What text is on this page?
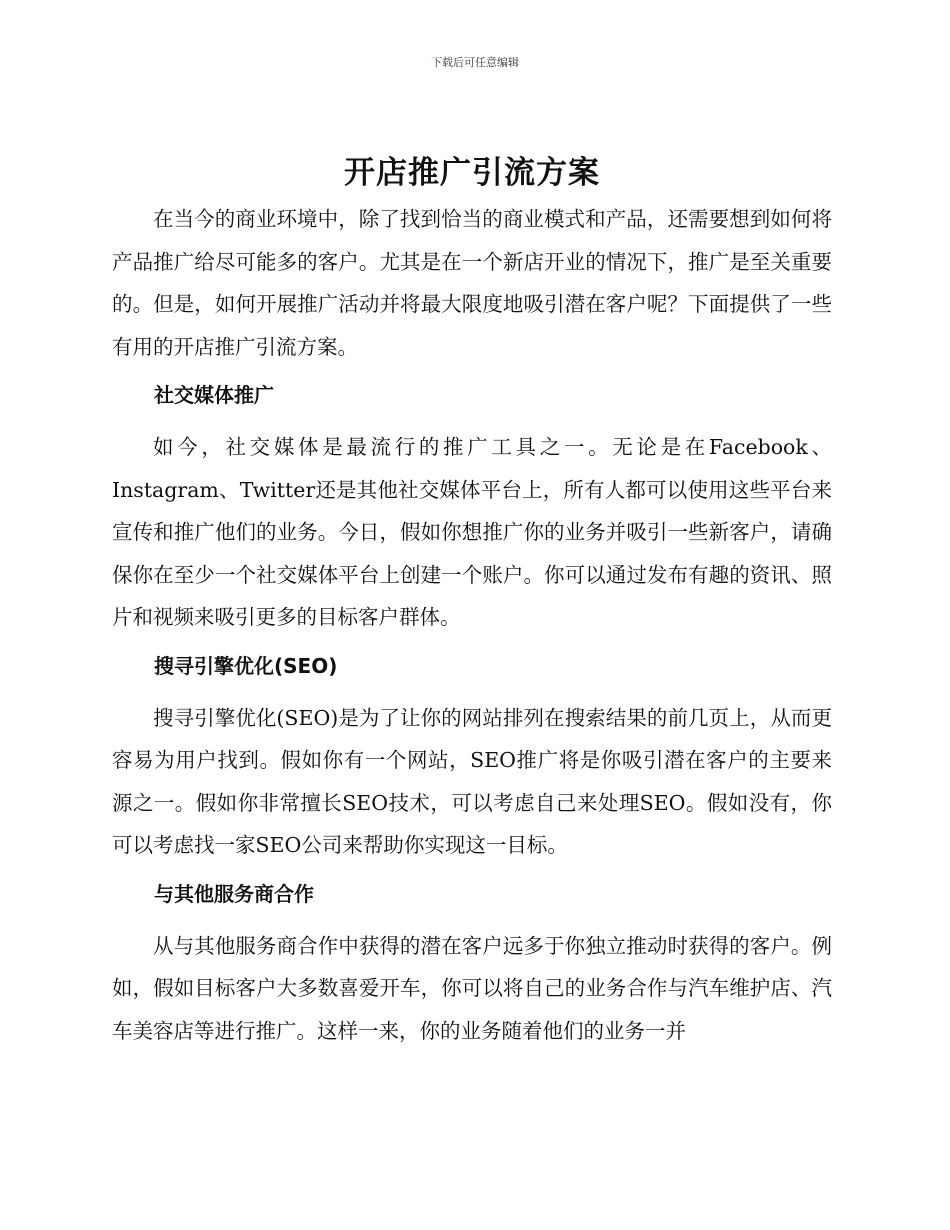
下载后可任意编辑
开店推广引流方案

在当今的商业环境中，除了找到恰当的商业模式和产品，还需要想到如何将产品推广给尽可能多的客户。尤其是在一个新店开业的情况下，推广是至关重要的。但是，如何开展推广活动并将最大限度地吸引潜在客户呢？下面提供了一些有用的开店推广引流方案。

社交媒体推广

如今，社交媒体是最流行的推广工具之一。无论是在Facebook、Instagram、Twitter还是其他社交媒体平台上，所有人都可以使用这些平台来宣传和推广他们的业务。今日，假如你想推广你的业务并吸引一些新客户，请确保你在至少一个社交媒体平台上创建一个账户。你可以通过发布有趣的资讯、照片和视频来吸引更多的目标客户群体。

搜寻引擎优化(SEO)

搜寻引擎优化(SEO)是为了让你的网站排列在搜索结果的前几页上，从而更容易为用户找到。假如你有一个网站，SEO推广将是你吸引潜在客户的主要来源之一。假如你非常擅长SEO技术，可以考虑自己来处理SEO。假如没有，你可以考虑找一家SEO公司来帮助你实现这一目标。

与其他服务商合作

从与其他服务商合作中获得的潜在客户远多于你独立推动时获得的客户。例如，假如目标客户大多数喜爱开车，你可以将自己的业务合作与汽车维护店、汽车美容店等进行推广。这样一来，你的业务随着他们的业务一并
